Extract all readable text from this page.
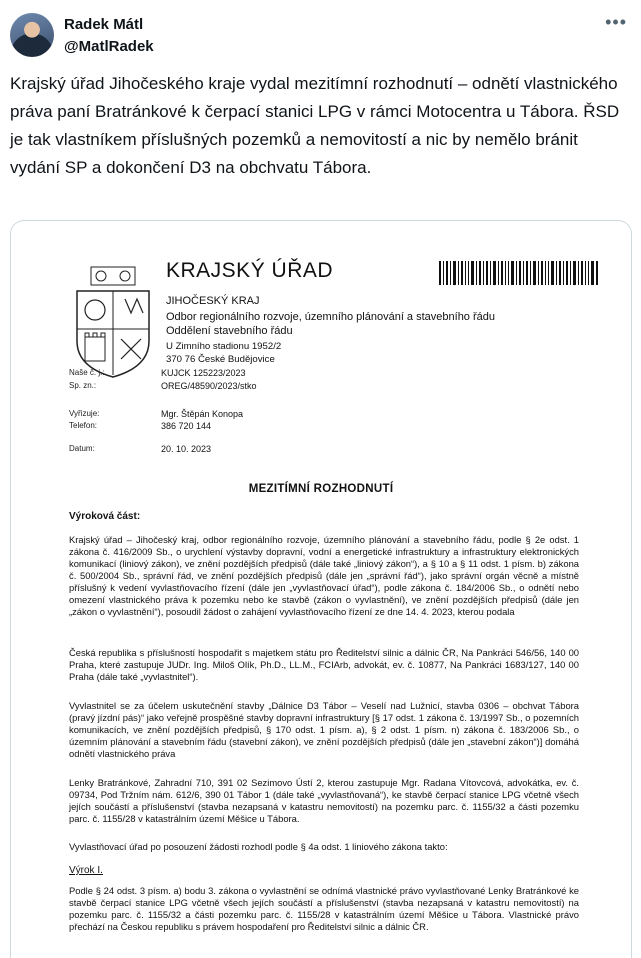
Radek Mátl
@MatlRadek
•••
Krajský úřad Jihočeského kraje vydal mezitímní rozhodnutí – odnětí vlastnického práva paní Bratránkové k čerpací stanici LPG v rámci Motocentra u Tábora. ŘSD je tak vlastníkem příslušných pozemků a nemovitostí a nic by nemělo bránit vydání SP a dokončení D3 na obchvatu Tábora.
KRAJSKÝ ÚŘAD
JIHOČESKÝ KRAJ
Odbor regionálního rozvoje, územního plánování a stavebního řádu
Oddělení stavebního řádu
U Zimního stadionu 1952/2
370 76 České Budějovice
Naše č. j.:	KUJCK 125223/2023
Sp. zn.:	OREG/48590/2023/stko
Vyřizuje:	Mgr. Štěpán Konopa
Telefon:	386 720 144
Datum:	20. 10. 2023
MEZITÍMNÍ ROZHODNUTÍ
Výroková část:
Krajský úřad – Jihočeský kraj, odbor regionálního rozvoje, územního plánování a stavebního řádu, podle § 2e odst. 1 zákona č. 416/2009 Sb., o urychlení výstavby dopravní, vodní a energetické infrastruktury a infrastruktury elektronických komunikací (liniový zákon), ve znění pozdějších předpisů (dále také „liniový zákon“), a § 10 a § 11 odst. 1 písm. b) zákona č. 500/2004 Sb., správní řád, ve znění pozdějších předpisů (dále jen „správní řád“), jako správní orgán věcně a místně příslušný k vedení vyvlastňovacího řízení (dále jen „vyvlastňovací úřad“), podle zákona č. 184/2006 Sb., o odnětí nebo omezení vlastnického práva k pozemku nebo ke stavbě (zákon o vyvlastnění), ve znění pozdějších předpisů (dále jen „zákon o vyvlastnění“), posoudil žádost o zahájení vyvlastňovacího řízení ze dne 14. 4. 2023, kterou podala
Česká republika s příslušností hospodařit s majetkem státu pro Ředitelství silnic a dálnic ČR, Na Pankráci 546/56, 140 00 Praha, které zastupuje JUDr. Ing. Miloš Olík, Ph.D., LL.M., FCIArb, advokát, ev. č. 10877, Na Pankráci 1683/127, 140 00 Praha (dále také „vyvlastnitel“).
Vyvlastnitel se za účelem uskutečnění stavby „Dálnice D3 Tábor – Veselí nad Lužnicí, stavba 0306 – obchvat Tábora (pravý jízdní pás)“ jako veřejně prospěšné stavby dopravní infrastruktury [§ 17 odst. 1 zákona č. 13/1997 Sb., o pozemních komunikacích, ve znění pozdějších předpisů, § 170 odst. 1 písm. a), § 2 odst. 1 písm. n) zákona č. 183/2006 Sb., o územním plánování a stavebním řádu (stavební zákon), ve znění pozdějších předpisů (dále jen „stavební zákon“)] domáhá odnětí vlastnického práva
Lenky Bratránkové, Zahradní 710, 391 02 Sezimovo Ústí 2, kterou zastupuje Mgr. Radana Vítovcová, advokátka, ev. č. 09734, Pod Tržním nám. 612/6, 390 01 Tábor 1 (dále také „vyvlastňovaná“), ke stavbě čerpací stanice LPG včetně všech jejích součástí a příslušenství (stavba nezapsaná v katastru nemovitostí) na pozemku parc. č. 1155/32 a části pozemku parc. č. 1155/28 v katastrálním území Měšice u Tábora.
Vyvlastňovací úřad po posouzení žádosti rozhodl podle § 4a odst. 1 liniového zákona takto:
Výrok I.
Podle § 24 odst. 3 písm. a) bodu 3. zákona o vyvlastnění se odnímá vlastnické právo vyvlastňované Lenky Bratránkové ke stavbě čerpací stanice LPG včetně všech jejích součástí a příslušenství (stavba nezapsaná v katastru nemovitostí) na pozemku parc. č. 1155/32 a části pozemku parc. č. 1155/28 v katastrálním území Měšice u Tábora. Vlastnické právo přechází na Českou republiku s právem hospodaření pro Ředitelství silnic a dálnic ČR.
